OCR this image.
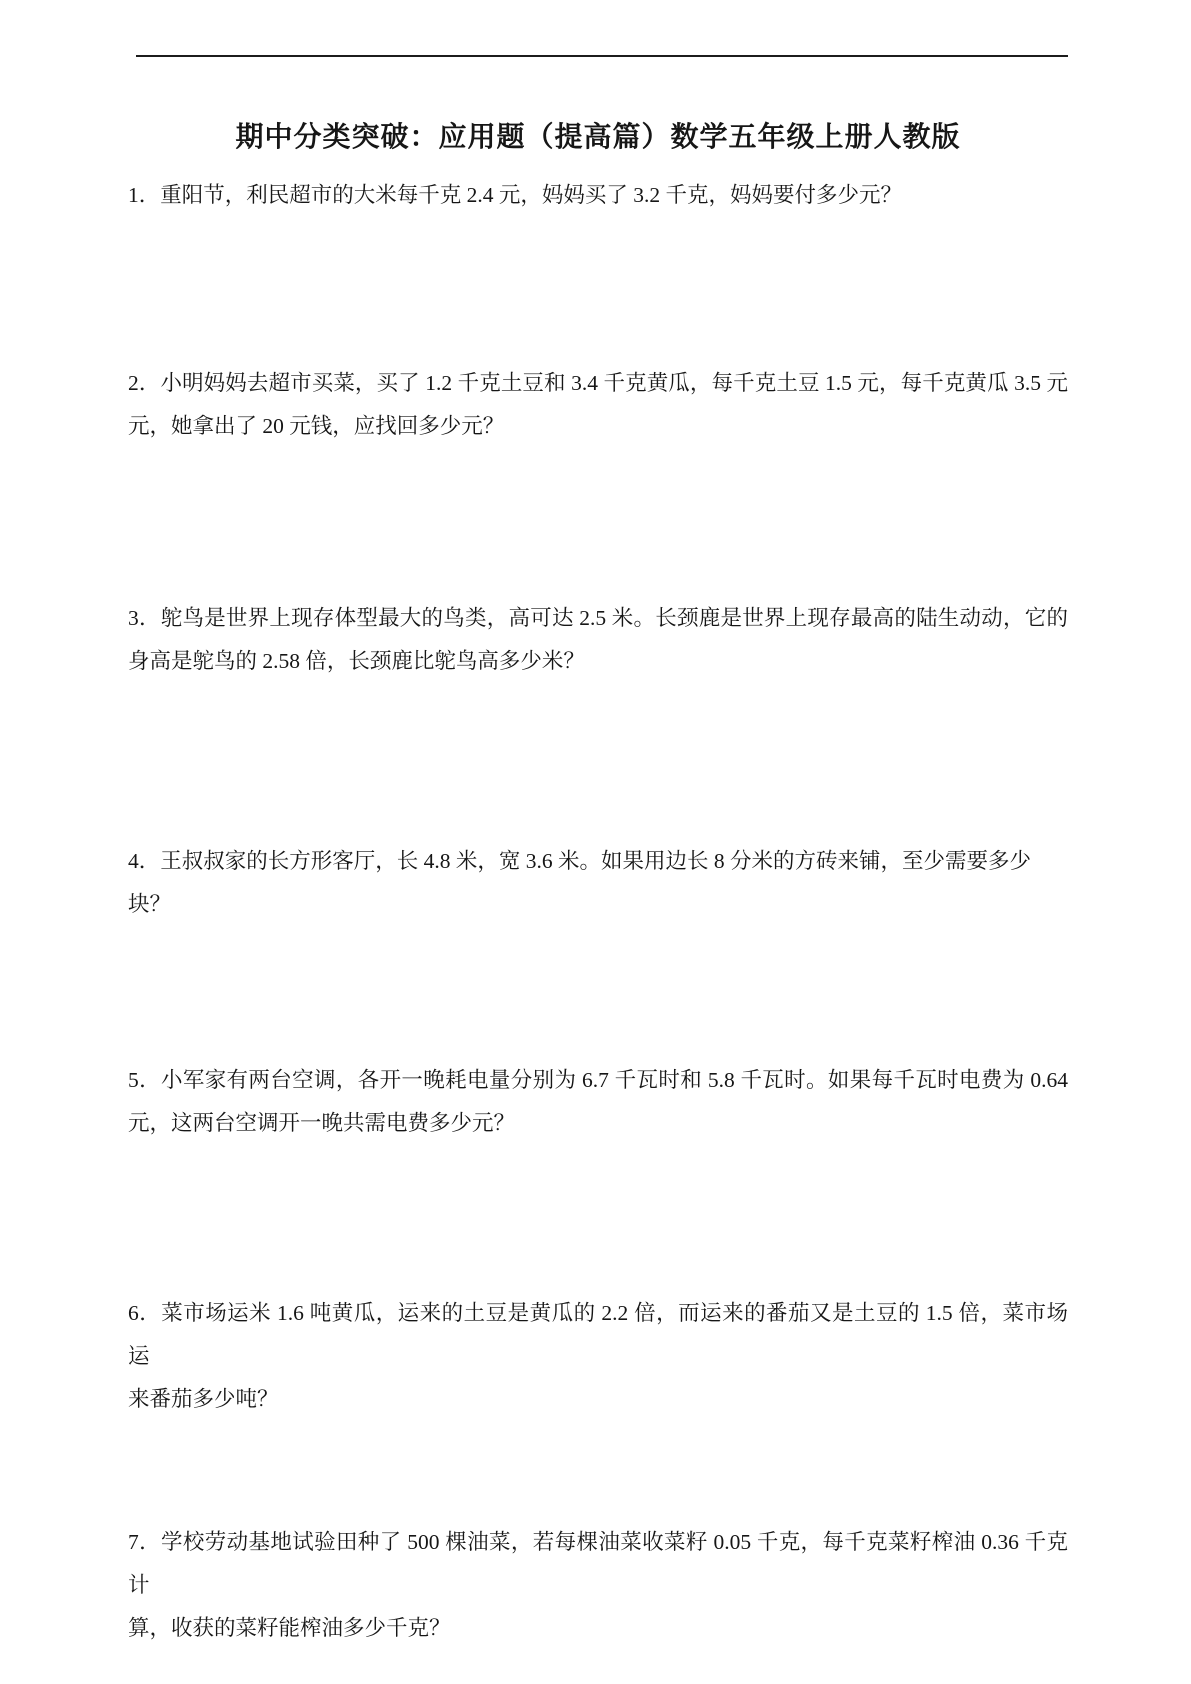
期中分类突破：应用题（提高篇）数学五年级上册人教版
1．重阳节，利民超市的大米每千克 2.4 元，妈妈买了 3.2 千克，妈妈要付多少元？
2．小明妈妈去超市买菜，买了 1.2 千克土豆和 3.4 千克黄瓜，每千克土豆 1.5 元，每千克黄瓜 3.5 元
元，她拿出了 20 元钱，应找回多少元？
3．鸵鸟是世界上现存体型最大的鸟类，高可达 2.5 米。长颈鹿是世界上现存最高的陆生动动，它的
身高是鸵鸟的 2.58 倍，长颈鹿比鸵鸟高多少米？
4．王叔叔家的长方形客厅，长 4.8 米，宽 3.6 米。如果用边长 8 分米的方砖来铺，至少需要多少块？
5．小军家有两台空调，各开一晚耗电量分别为 6.7 千瓦时和 5.8 千瓦时。如果每千瓦时电费为 0.64
元，这两台空调开一晚共需电费多少元？
6．菜市场运米 1.6 吨黄瓜，运来的土豆是黄瓜的 2.2 倍，而运来的番茄又是土豆的 1.5 倍，菜市场运
来番茄多少吨？
7．学校劳动基地试验田种了 500 棵油菜，若每棵油菜收菜籽 0.05 千克，每千克菜籽榨油 0.36 千克计
算，收获的菜籽能榨油多少千克？
